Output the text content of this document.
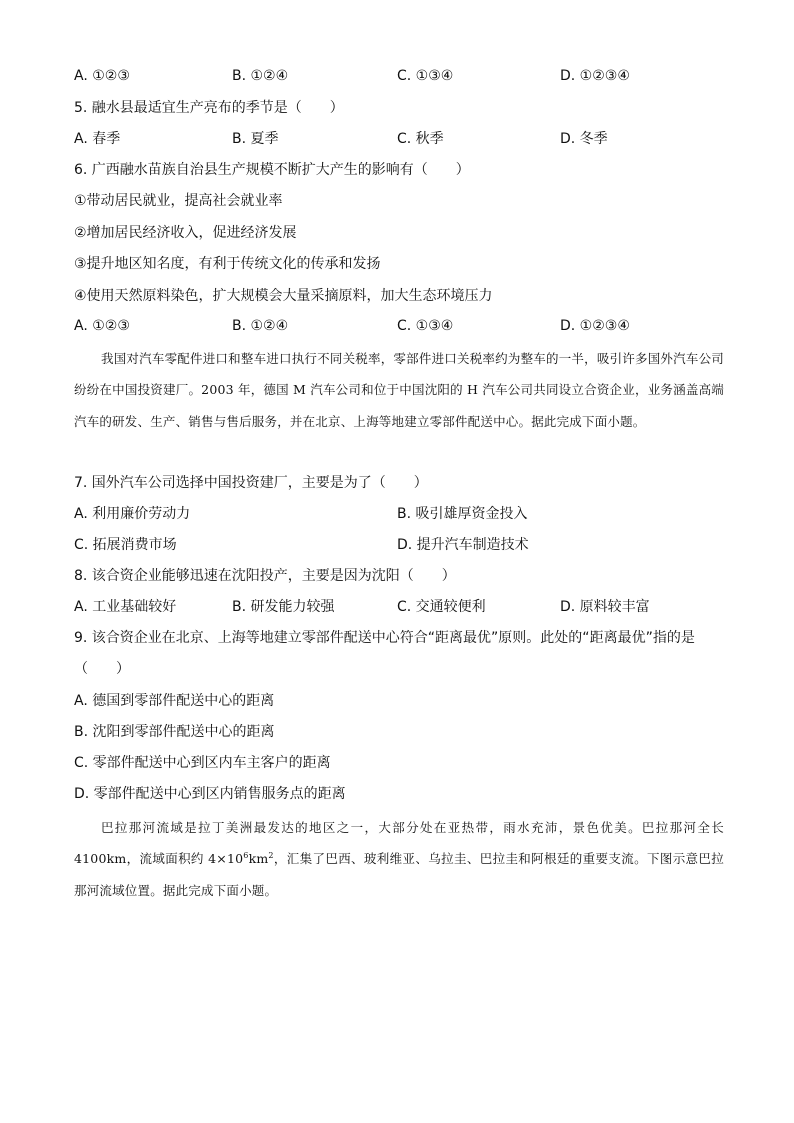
A. ①②③	B. ①②④	C. ①③④	D. ①②③④
5. 融水县最适宜生产亮布的季节是（　　）
A. 春季	B. 夏季	C. 秋季	D. 冬季
6. 广西融水苗族自治县生产规模不断扩大产生的影响有（　　）
①带动居民就业，提高社会就业率
②增加居民经济收入，促进经济发展
③提升地区知名度，有利于传统文化的传承和发扬
④使用天然原料染色，扩大规模会大量采摘原料，加大生态环境压力
A. ①②③	B. ①②④	C. ①③④	D. ①②③④

我国对汽车零配件进口和整车进口执行不同关税率，零部件进口关税率约为整车的一半，吸引许多国外汽车公司纷纷在中国投资建厂。2003 年，德国 M 汽车公司和位于中国沈阳的 H 汽车公司共同设立合资企业，业务涵盖高端汽车的研发、生产、销售与售后服务，并在北京、上海等地建立零部件配送中心。据此完成下面小题。

7. 国外汽车公司选择中国投资建厂，主要是为了（　　）
A. 利用廉价劳动力	B. 吸引雄厚资金投入
C. 拓展消费市场	D. 提升汽车制造技术
8. 该合资企业能够迅速在沈阳投产，主要是因为沈阳（　　）
A. 工业基础较好	B. 研发能力较强	C. 交通较便利	D. 原料较丰富
9. 该合资企业在北京、上海等地建立零部件配送中心符合“距离最优”原则。此处的“距离最优”指的是
（　　）
A. 德国到零部件配送中心的距离
B. 沈阳到零部件配送中心的距离
C. 零部件配送中心到区内车主客户的距离
D. 零部件配送中心到区内销售服务点的距离

巴拉那河流域是拉丁美洲最发达的地区之一，大部分处在亚热带，雨水充沛，景色优美。巴拉那河全长 4100km，流域面积约 $4\times 10^6km^2$，汇集了巴西、玻利维亚、乌拉圭、巴拉圭和阿根廷的重要支流。下图示意巴拉那河流域位置。据此完成下面小题。
